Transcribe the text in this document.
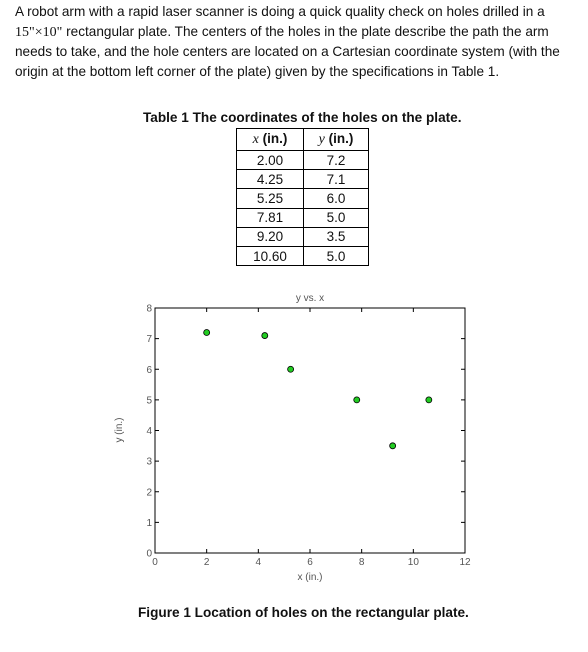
A robot arm with a rapid laser scanner is doing a quick quality check on holes drilled in a
15"×10" rectangular plate. The centers of the holes in the plate describe the path the arm
needs to take, and the hole centers are located on a Cartesian coordinate system (with the
origin at the bottom left corner of the plate) given by the specifications in Table 1.
Table 1 The coordinates of the holes on the plate.
x (in.)	y (in.)
2.00	7.2
4.25	7.1
5.25	6.0
7.81	5.0
9.20	3.5
10.60	5.0
y vs. x
0	2	4	6	8	10	12
0
1
2
3
4
5
6
7
8
x (in.)
y (in.)
Figure 1 Location of holes on the rectangular plate.
